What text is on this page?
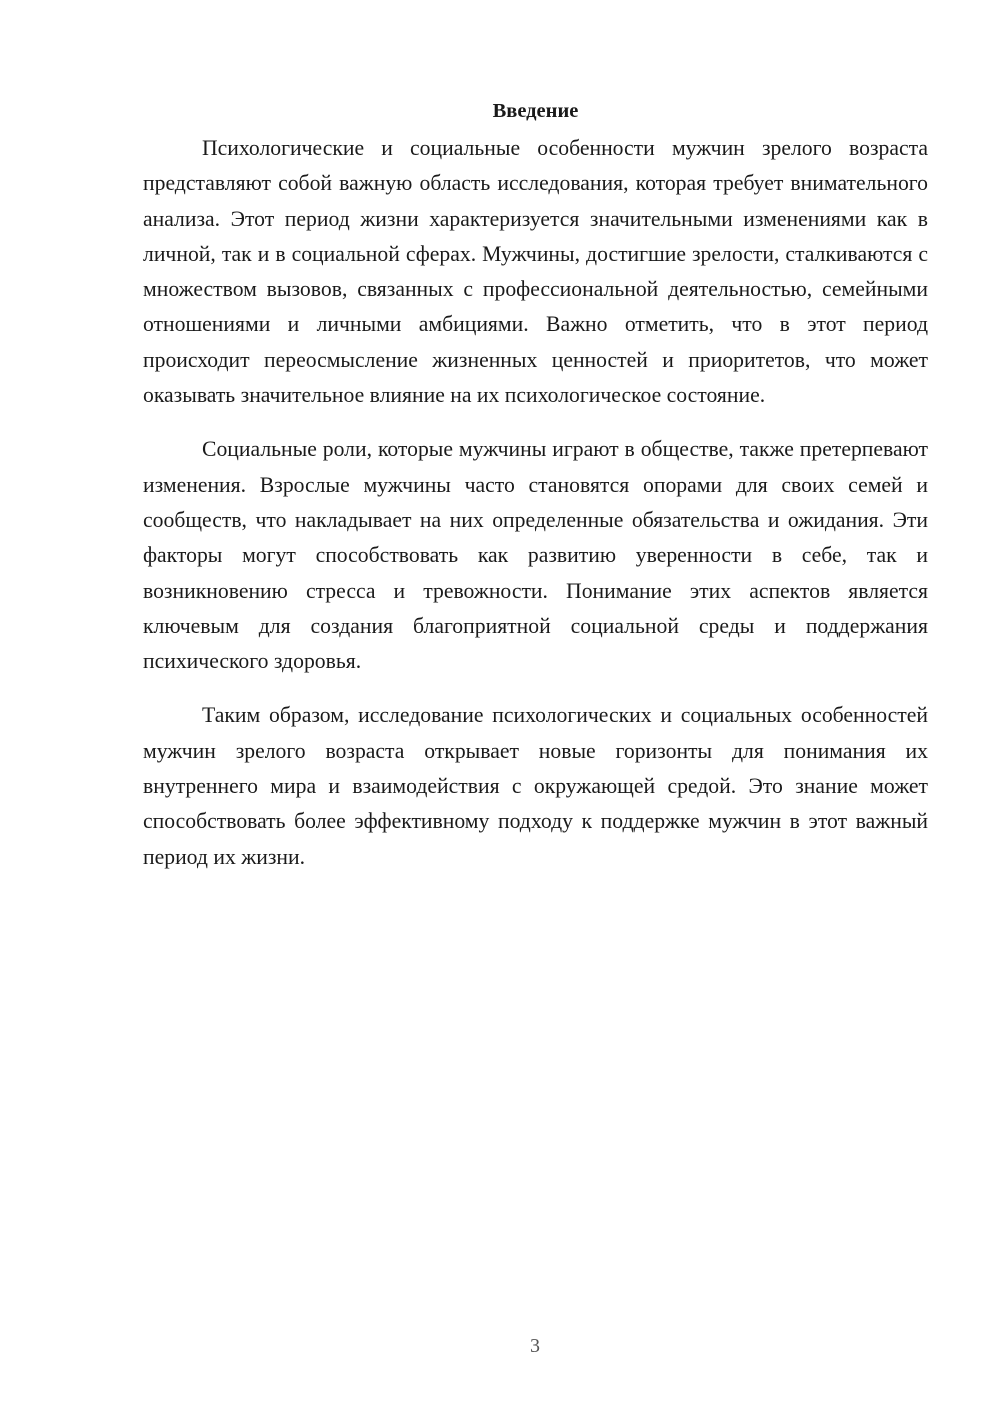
Введение

Психологические и социальные особенности мужчин зрелого возраста представляют собой важную область исследования, которая требует внимательного анализа. Этот период жизни характеризуется значительными изменениями как в личной, так и в социальной сферах. Мужчины, достигшие зрелости, сталкиваются с множеством вызовов, связанных с профессиональной деятельностью, семейными отношениями и личными амбициями. Важно отметить, что в этот период происходит переосмысление жизненных ценностей и приоритетов, что может оказывать значительное влияние на их психологическое состояние.

Социальные роли, которые мужчины играют в обществе, также претерпевают изменения. Взрослые мужчины часто становятся опорами для своих семей и сообществ, что накладывает на них определенные обязательства и ожидания. Эти факторы могут способствовать как развитию уверенности в себе, так и возникновению стресса и тревожности. Понимание этих аспектов является ключевым для создания благоприятной социальной среды и поддержания психического здоровья.

Таким образом, исследование психологических и социальных особенностей мужчин зрелого возраста открывает новые горизонты для понимания их внутреннего мира и взаимодействия с окружающей средой. Это знание может способствовать более эффективному подходу к поддержке мужчин в этот важный период их жизни.

3
